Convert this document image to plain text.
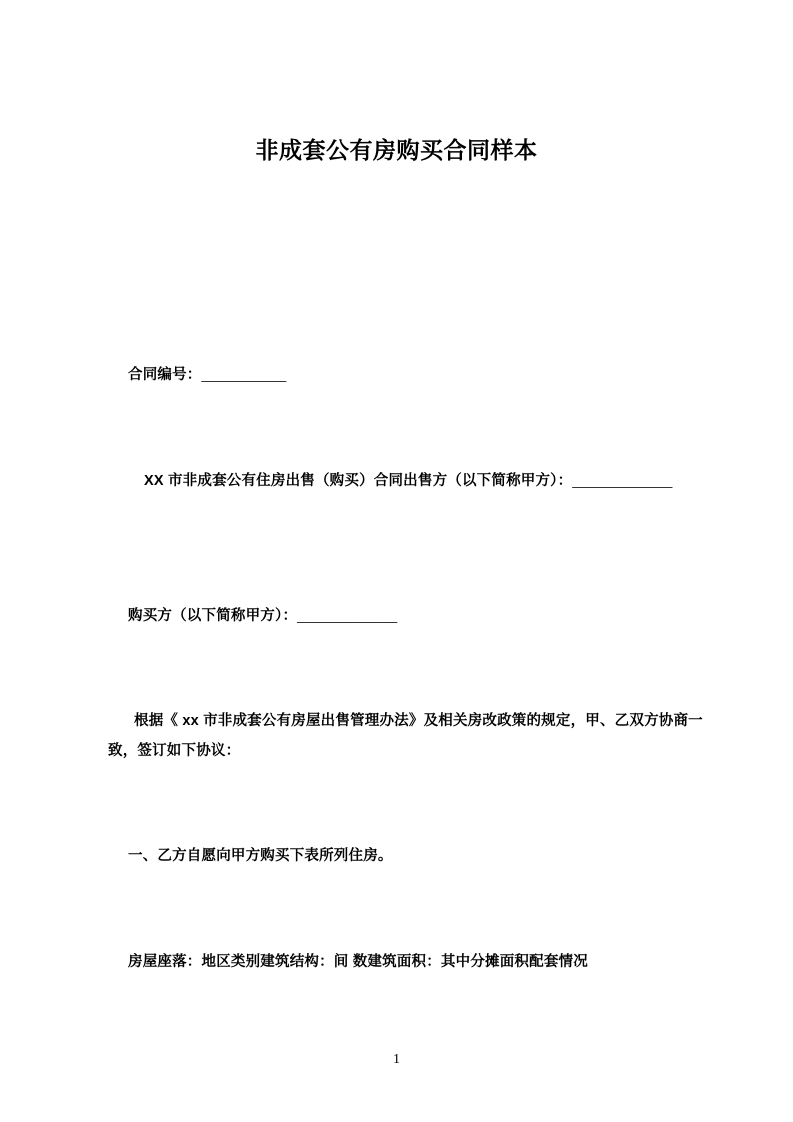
非成套公有房购买合同样本
合同编号：___________
XX 市非成套公有住房出售（购买）合同出售方（以下简称甲方）：_____________
购买方（以下简称甲方）：_____________
根据《 xx 市非成套公有房屋出售管理办法》及相关房改政策的规定，甲、乙双方协商一致，签订如下协议：
一、乙方自愿向甲方购买下表所列住房。
房屋座落：地区类别建筑结构：间 数建筑面积：其中分摊面积配套情况
1
